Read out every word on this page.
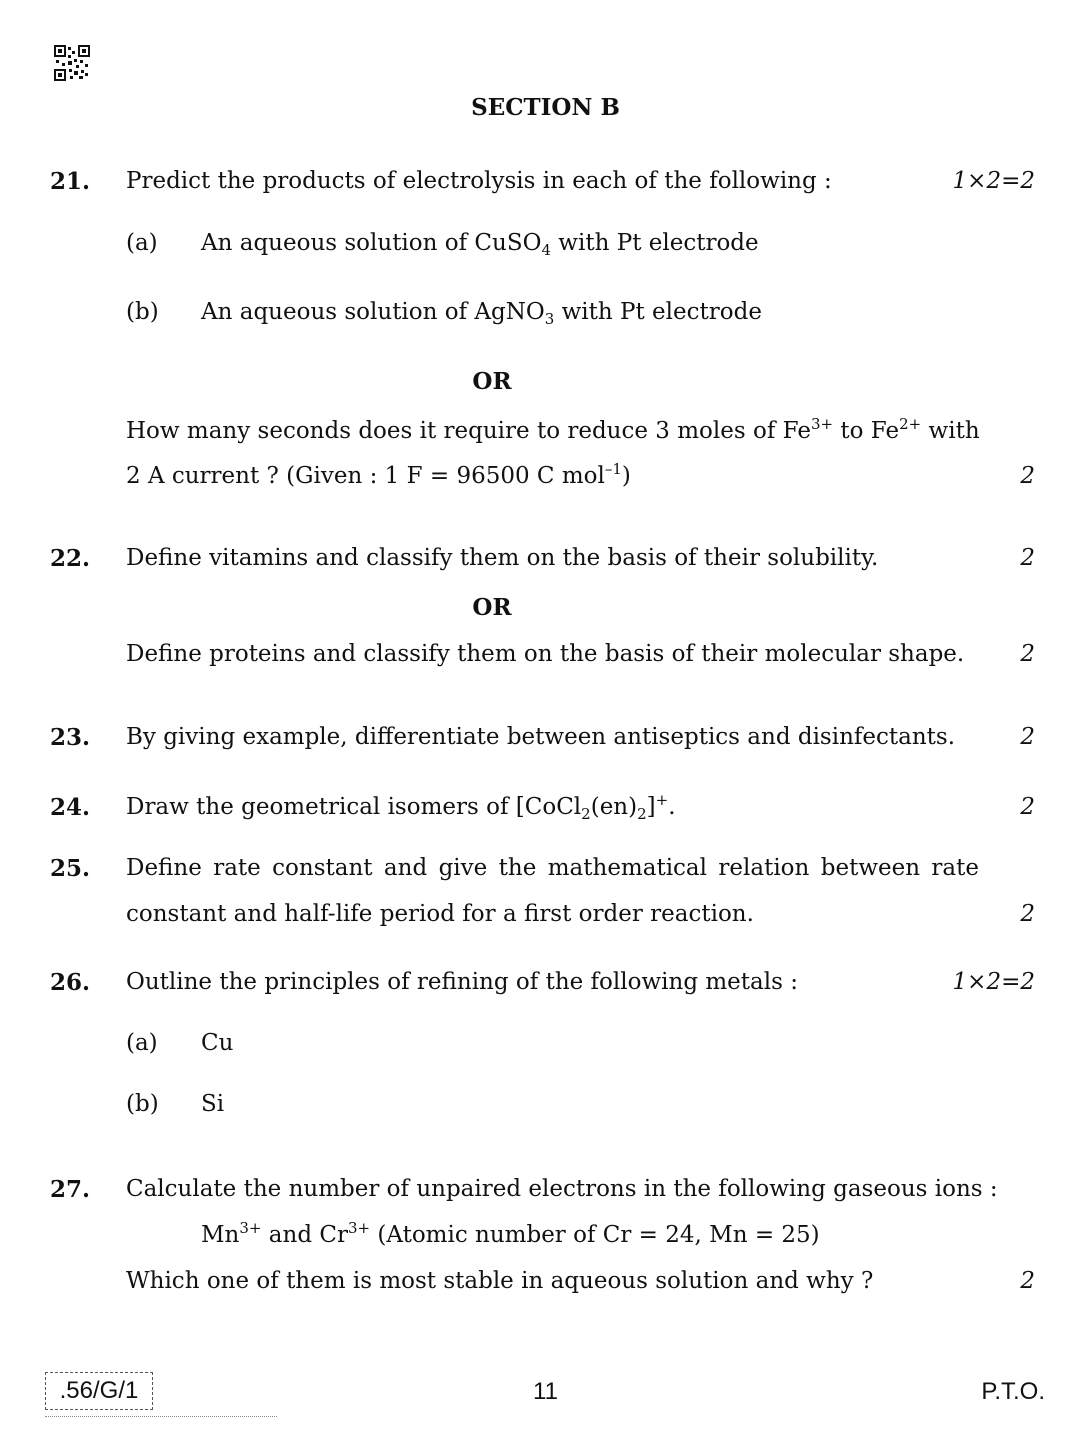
SECTION B
21. Predict the products of electrolysis in each of the following :	1×2=2
(a) An aqueous solution of CuSO$_4$ with Pt electrode
(b) An aqueous solution of AgNO$_3$ with Pt electrode
OR
How many seconds does it require to reduce 3 moles of $Fe^{3+}$ to $Fe^{2+}$ with
2 A current ? (Given : 1 F = 96500 C mol$^{-1}$)	2
22. Define vitamins and classify them on the basis of their solubility.	2
OR
Define proteins and classify them on the basis of their molecular shape. 2
23. By giving example, differentiate between antiseptics and disinfectants.	2
24. Draw the geometrical isomers of $[CoCl_2(en)_2]^+$.	2
25. Define rate constant and give the mathematical relation between rate
constant and half-life period for a first order reaction.	2
26. Outline the principles of refining of the following metals :	1×2=2
(a) Cu
(b) Si
27. Calculate the number of unpaired electrons in the following gaseous ions :
$Mn^{3+}$ and $Cr^{3+}$ (Atomic number of Cr = 24, Mn = 25)
Which one of them is most stable in aqueous solution and why ?	2
.56/G/1	11	P.T.O.
